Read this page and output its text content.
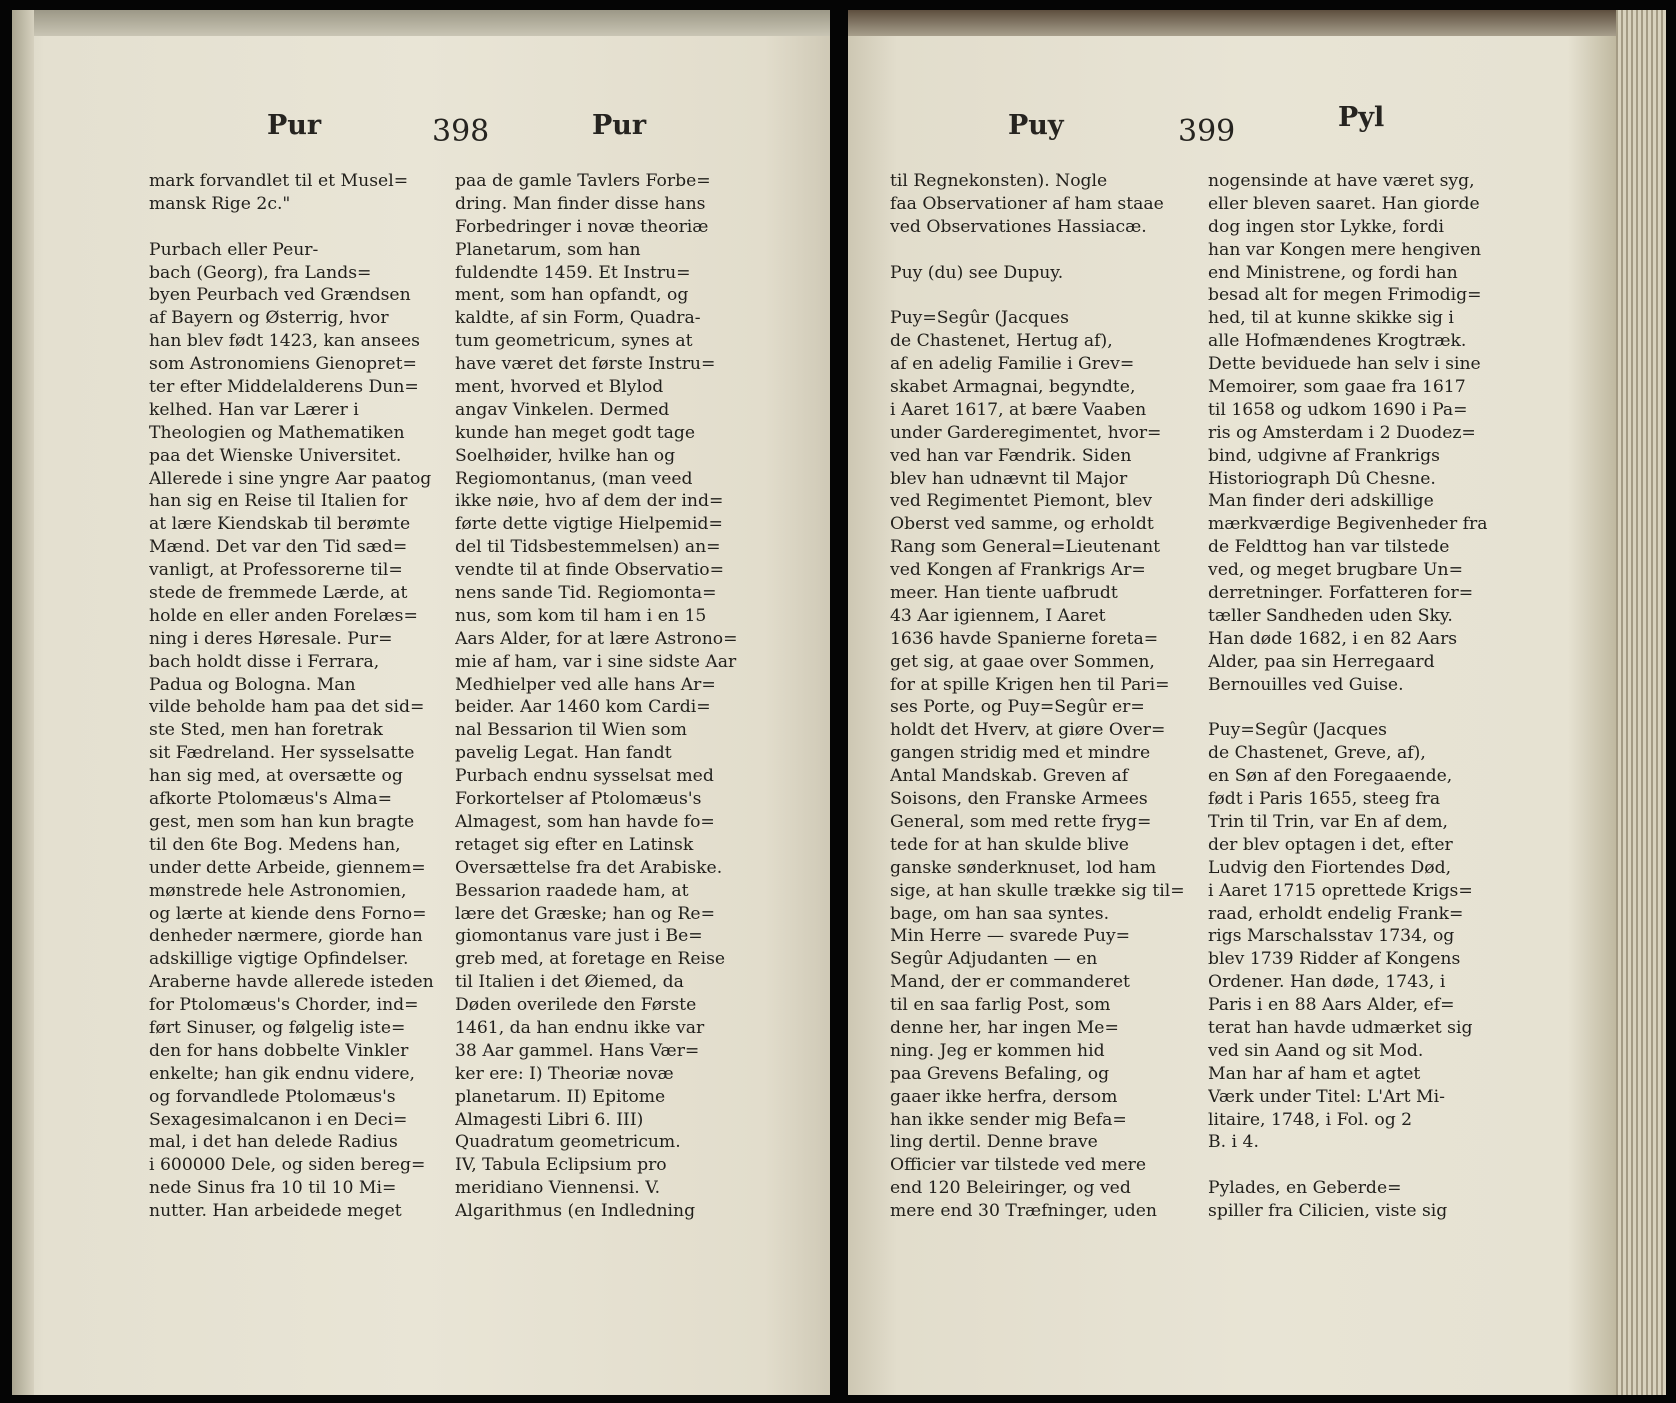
Pur	398	Pur
mark forvandlet til et Musel=
mansk Rige 2c."
Purbach eller Peur-
bach (Georg), fra Lands=
byen Peurbach ved Grændsen
af Bayern og Østerrig, hvor
han blev født 1423, kan ansees
som Astronomiens Gienopret=
ter efter Middelalderens Dun=
kelhed. Han var Lærer i
Theologien og Mathematiken
paa det Wienske Universitet.
Allerede i sine yngre Aar paatog
han sig en Reise til Italien for
at lære Kiendskab til berømte
Mænd. Det var den Tid sæd=
vanligt, at Professorerne til=
stede de fremmede Lærde, at
holde en eller anden Forelæs=
ning i deres Høresale. Pur=
bach holdt disse i Ferrara,
Padua og Bologna. Man
vilde beholde ham paa det sid=
ste Sted, men han foretrak
sit Fædreland. Her sysselsatte
han sig med, at oversætte og
afkorte Ptolomæus's Alma=
gest, men som han kun bragte
til den 6te Bog. Medens han,
under dette Arbeide, giennem=
mønstrede hele Astronomien,
og lærte at kiende dens Forno=
denheder nærmere, giorde han
adskillige vigtige Opfindelser.
Araberne havde allerede isteden
for Ptolomæus's Chorder, ind=
ført Sinuser, og følgelig iste=
den for hans dobbelte Vinkler
enkelte; han gik endnu videre,
og forvandlede Ptolomæus's
Sexagesimalcanon i en Deci=
mal, i det han delede Radius
i 600000 Dele, og siden bereg=
nede Sinus fra 10 til 10 Mi=
nutter. Han arbeidede meget
paa de gamle Tavlers Forbe=
dring. Man finder disse hans
Forbedringer i novæ theoriæ
Planetarum, som han
fuldendte 1459. Et Instru=
ment, som han opfandt, og
kaldte, af sin Form, Quadra-
tum geometricum, synes at
have været det første Instru=
ment, hvorved et Blylod
angav Vinkelen. Dermed
kunde han meget godt tage
Soelhøider, hvilke han og
Regiomontanus, (man veed
ikke nøie, hvo af dem der ind=
førte dette vigtige Hielpemid=
del til Tidsbestemmelsen) an=
vendte til at finde Observatio=
nens sande Tid. Regiomonta=
nus, som kom til ham i en 15
Aars Alder, for at lære Astrono=
mie af ham, var i sine sidste Aar
Medhielper ved alle hans Ar=
beider. Aar 1460 kom Cardi=
nal Bessarion til Wien som
pavelig Legat. Han fandt
Purbach endnu sysselsat med
Forkortelser af Ptolomæus's
Almagest, som han havde fo=
retaget sig efter en Latinsk
Oversættelse fra det Arabiske.
Bessarion raadede ham, at
lære det Græske; han og Re=
giomontanus vare just i Be=
greb med, at foretage en Reise
til Italien i det Øiemed, da
Døden overilede den Første
1461, da han endnu ikke var
38 Aar gammel. Hans Vær=
ker ere: I) Theoriæ novæ
planetarum. II) Epitome
Almagesti Libri 6. III)
Quadratum geometricum.
IV, Tabula Eclipsium pro
meridiano Viennensi. V.
Algarithmus (en Indledning
Puy	399	Pyl
til Regnekonsten). Nogle
faa Observationer af ham staae
ved Observationes Hassiacæ.
Puy (du) see Dupuy.
Puy=Segûr (Jacques
de Chastenet, Hertug af),
af en adelig Familie i Grev=
skabet Armagnai, begyndte,
i Aaret 1617, at bære Vaaben
under Garderegimentet, hvor=
ved han var Fændrik. Siden
blev han udnævnt til Major
ved Regimentet Piemont, blev
Oberst ved samme, og erholdt
Rang som General=Lieutenant
ved Kongen af Frankrigs Ar=
meer. Han tiente uafbrudt
43 Aar igiennem, I Aaret
1636 havde Spanierne foreta=
get sig, at gaae over Sommen,
for at spille Krigen hen til Pari=
ses Porte, og Puy=Segûr er=
holdt det Hverv, at giøre Over=
gangen stridig med et mindre
Antal Mandskab. Greven af
Soisons, den Franske Armees
General, som med rette fryg=
tede for at han skulde blive
ganske sønderknuset, lod ham
sige, at han skulle trække sig til=
bage, om han saa syntes.
Min Herre — svarede Puy=
Segûr Adjudanten — en
Mand, der er commanderet
til en saa farlig Post, som
denne her, har ingen Me=
ning. Jeg er kommen hid
paa Grevens Befaling, og
gaaer ikke herfra, dersom
han ikke sender mig Befa=
ling dertil. Denne brave
Officier var tilstede ved mere
end 120 Beleiringer, og ved
mere end 30 Træfninger, uden
nogensinde at have været syg,
eller bleven saaret. Han giorde
dog ingen stor Lykke, fordi
han var Kongen mere hengiven
end Ministrene, og fordi han
besad alt for megen Frimodig=
hed, til at kunne skikke sig i
alle Hofmændenes Krogtræk.
Dette beviduede han selv i sine
Memoirer, som gaae fra 1617
til 1658 og udkom 1690 i Pa=
ris og Amsterdam i 2 Duodez=
bind, udgivne af Frankrigs
Historiograph Dû Chesne.
Man finder deri adskillige
mærkværdige Begivenheder fra
de Feldttog han var tilstede
ved, og meget brugbare Un=
derretninger. Forfatteren for=
tæller Sandheden uden Sky.
Han døde 1682, i en 82 Aars
Alder, paa sin Herregaard
Bernouilles ved Guise.
Puy=Segûr (Jacques
de Chastenet, Greve, af),
en Søn af den Foregaaende,
født i Paris 1655, steeg fra
Trin til Trin, var En af dem,
der blev optagen i det, efter
Ludvig den Fiortendes Død,
i Aaret 1715 oprettede Krigs=
raad, erholdt endelig Frank=
rigs Marschalsstav 1734, og
blev 1739 Ridder af Kongens
Ordener. Han døde, 1743, i
Paris i en 88 Aars Alder, ef=
terat han havde udmærket sig
ved sin Aand og sit Mod.
Man har af ham et agtet
Værk under Titel: L'Art Mi-
litaire, 1748, i Fol. og 2
B. i 4.
Pylades, en Geberde=
spiller fra Cilicien, viste sig
